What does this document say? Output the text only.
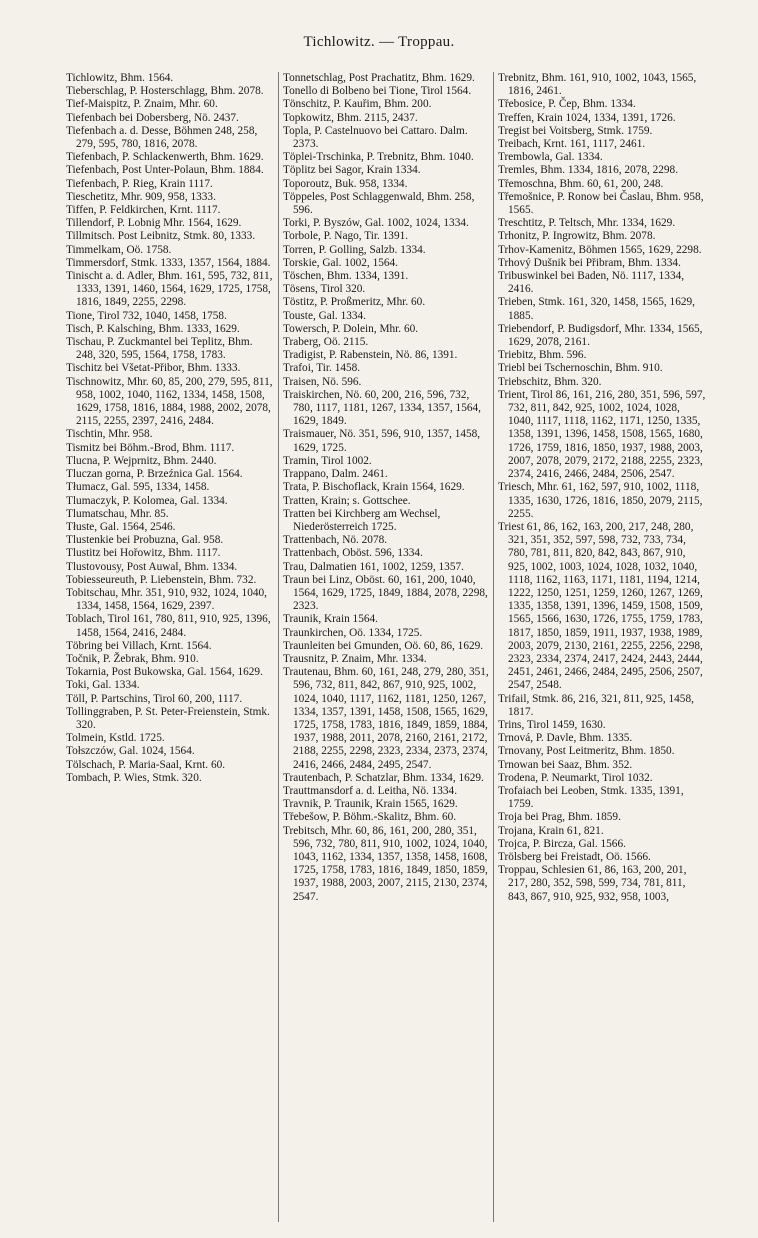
Tichlowitz. — Troppau.

Tichlowitz, Bhm. 1564.

Tieberschlag, P. Hosterschlagg, Bhm. 2078.

Tief-Maispitz, P. Znaim, Mhr. 60.

Tiefenbach bei Dobersberg, Nö. 2437.

Tiefenbach a. d. Desse, Böhmen 248, 258, 279, 595, 780, 1816, 2078.

Tiefenbach, P. Schlackenwerth, Bhm. 1629.

Tiefenbach, Post Unter-Polaun, Bhm. 1884.

Tiefenbach, P. Rieg, Krain 1117.

Tieschetitz, Mhr. 909, 958, 1333.

Tiffen, P. Feldkirchen, Krnt. 1117.

Tillendorf, P. Lobnig Mhr. 1564, 1629.

Tillmitsch. Post Leibnitz, Stmk. 80, 1333.

Timmelkam, Oö. 1758.

Timmersdorf, Stmk. 1333, 1357, 1564, 1884.

Tinischt a. d. Adler, Bhm. 161, 595, 732, 811, 1333, 1391, 1460, 1564, 1629, 1725, 1758, 1816, 1849, 2255, 2298.

Tione, Tirol 732, 1040, 1458, 1758.

Tisch, P. Kalsching, Bhm. 1333, 1629.

Tischau, P. Zuckmantel bei Teplitz, Bhm. 248, 320, 595, 1564, 1758, 1783.

Tischitz bei Všetat-Přibor, Bhm. 1333.

Tischnowitz, Mhr. 60, 85, 200, 279, 595, 811, 958, 1002, 1040, 1162, 1334, 1458, 1508, 1629, 1758, 1816, 1884, 1988, 2002, 2078, 2115, 2255, 2397, 2416, 2484.

Tischtin, Mhr. 958.

Tismitz bei Böhm.-Brod, Bhm. 1117.

Tlucna, P. Wejprnitz, Bhm. 2440.

Tluczan gorna, P. Brzeźnica Gal. 1564.

Tłumacz, Gal. 595, 1334, 1458.

Tlumaczyk, P. Kolomea, Gal. 1334.

Tlumatschau, Mhr. 85.

Tłuste, Gal. 1564, 2546.

Tlustenkie bei Probuzna, Gal. 958.

Tlustitz bei Hořowitz, Bhm. 1117.

Tlustovousy, Post Auwal, Bhm. 1334.

Tobiesseureuth, P. Liebenstein, Bhm. 732.

Tobitschau, Mhr. 351, 910, 932, 1024, 1040, 1334, 1458, 1564, 1629, 2397.

Toblach, Tirol 161, 780, 811, 910, 925, 1396, 1458, 1564, 2416, 2484.

Töbring bei Villach, Krnt. 1564.

Točnik, P. Žebrak, Bhm. 910.

Tokarnia, Post Bukowska, Gal. 1564, 1629.

Toki, Gal. 1334.

Töll, P. Partschins, Tirol 60, 200, 1117.

Tollinggraben, P. St. Peter-Freienstein, Stmk. 320.

Tolmein, Kstld. 1725.

Tołszczów, Gal. 1024, 1564.

Tölschach, P. Maria-Saal, Krnt. 60.

Tombach, P. Wies, Stmk. 320.

Tonnetschlag, Post Prachatitz, Bhm. 1629.

Tonello di Bolbeno bei Tione, Tirol 1564.

Tönschitz, P. Kauřim, Bhm. 200.

Topkowitz, Bhm. 2115, 2437.

Topla, P. Castelnuovo bei Cattaro. Dalm. 2373.

Töplei-Trschinka, P. Trebnitz, Bhm. 1040.

Töplitz bei Sagor, Krain 1334.

Toporoutz, Buk. 958, 1334.

Töppeles, Post Schlaggenwald, Bhm. 258, 596.

Torki, P. Byszów, Gal. 1002, 1024, 1334.

Torbole, P. Nago, Tir. 1391.

Torren, P. Golling, Salzb. 1334.

Torskie, Gal. 1002, 1564.

Töschen, Bhm. 1334, 1391.

Tösens, Tirol 320.

Töstitz, P. Proßmeritz, Mhr. 60.

Touste, Gal. 1334.

Towersch, P. Dolein, Mhr. 60.

Traberg, Oö. 2115.

Tradigist, P. Rabenstein, Nö. 86, 1391.

Trafoi, Tir. 1458.

Traisen, Nö. 596.

Traiskirchen, Nö. 60, 200, 216, 596, 732, 780, 1117, 1181, 1267, 1334, 1357, 1564, 1629, 1849.

Traismauer, Nö. 351, 596, 910, 1357, 1458, 1629, 1725.

Tramin, Tirol 1002.

Trappano, Dalm. 2461.

Trata, P. Bischoflack, Krain 1564, 1629.

Tratten, Krain; s. Gottschee.

Tratten bei Kirchberg am Wechsel, Niederösterreich 1725.

Trattenbach, Nö. 2078.

Trattenbach, Oböst. 596, 1334.

Trau, Dalmatien 161, 1002, 1259, 1357.

Traun bei Linz, Oböst. 60, 161, 200, 1040, 1564, 1629, 1725, 1849, 1884, 2078, 2298, 2323.

Traunik, Krain 1564.

Traunkirchen, Oö. 1334, 1725.

Traunleiten bei Gmunden, Oö. 60, 86, 1629.

Trausnitz, P. Znaim, Mhr. 1334.

Trautenau, Bhm. 60, 161, 248, 279, 280, 351, 596, 732, 811, 842, 867, 910, 925, 1002, 1024, 1040, 1117, 1162, 1181, 1250, 1267, 1334, 1357, 1391, 1458, 1508, 1565, 1629, 1725, 1758, 1783, 1816, 1849, 1859, 1884, 1937, 1988, 2011, 2078, 2160, 2161, 2172, 2188, 2255, 2298, 2323, 2334, 2373, 2374, 2416, 2466, 2484, 2495, 2547.

Trautenbach, P. Schatzlar, Bhm. 1334, 1629.

Trauttmansdorf a. d. Leitha, Nö. 1334.

Travnik, P. Traunik, Krain 1565, 1629.

Třebešow, P. Böhm.-Skalitz, Bhm. 60.

Trebitsch, Mhr. 60, 86, 161, 200, 280, 351, 596, 732, 780, 811, 910, 1002, 1024, 1040, 1043, 1162, 1334, 1357, 1358, 1458, 1608, 1725, 1758, 1783, 1816, 1849, 1850, 1859, 1937, 1988, 2003, 2007, 2115, 2130, 2374, 2547.

Trebnitz, Bhm. 161, 910, 1002, 1043, 1565, 1816, 2461.

Třebosice, P. Čep, Bhm. 1334.

Treffen, Krain 1024, 1334, 1391, 1726.

Tregist bei Voitsberg, Stmk. 1759.

Treibach, Krnt. 161, 1117, 2461.

Trembowla, Gal. 1334.

Tremles, Bhm. 1334, 1816, 2078, 2298.

Třemoschna, Bhm. 60, 61, 200, 248.

Třemošnice, P. Ronow bei Časlau, Bhm. 958, 1565.

Treschtitz, P. Teltsch, Mhr. 1334, 1629.

Trhonitz, P. Ingrowitz, Bhm. 2078.

Trhov-Kamenitz, Böhmen 1565, 1629, 2298.

Trhový Dušnik bei Přibram, Bhm. 1334.

Tribuswinkel bei Baden, Nö. 1117, 1334, 2416.

Trieben, Stmk. 161, 320, 1458, 1565, 1629, 1885.

Triebendorf, P. Budigsdorf, Mhr. 1334, 1565, 1629, 2078, 2161.

Triebitz, Bhm. 596.

Triebl bei Tschernoschin, Bhm. 910.

Triebschitz, Bhm. 320.

Trient, Tirol 86, 161, 216, 280, 351, 596, 597, 732, 811, 842, 925, 1002, 1024, 1028, 1040, 1117, 1118, 1162, 1171, 1250, 1335, 1358, 1391, 1396, 1458, 1508, 1565, 1680, 1726, 1759, 1816, 1850, 1937, 1988, 2003, 2007, 2078, 2079, 2172, 2188, 2255, 2323, 2374, 2416, 2466, 2484, 2506, 2547.

Triesch, Mhr. 61, 162, 597, 910, 1002, 1118, 1335, 1630, 1726, 1816, 1850, 2079, 2115, 2255.

Triest 61, 86, 162, 163, 200, 217, 248, 280, 321, 351, 352, 597, 598, 732, 733, 734, 780, 781, 811, 820, 842, 843, 867, 910, 925, 1002, 1003, 1024, 1028, 1032, 1040, 1118, 1162, 1163, 1171, 1181, 1194, 1214, 1222, 1250, 1251, 1259, 1260, 1267, 1269, 1335, 1358, 1391, 1396, 1459, 1508, 1509, 1565, 1566, 1630, 1726, 1755, 1759, 1783, 1817, 1850, 1859, 1911, 1937, 1938, 1989, 2003, 2079, 2130, 2161, 2255, 2256, 2298, 2323, 2334, 2374, 2417, 2424, 2443, 2444, 2451, 2461, 2466, 2484, 2495, 2506, 2507, 2547, 2548.

Trifail, Stmk. 86, 216, 321, 811, 925, 1458, 1817.

Trins, Tirol 1459, 1630.

Trnová, P. Davle, Bhm. 1335.

Trnovany, Post Leitmeritz, Bhm. 1850.

Trnowan bei Saaz, Bhm. 352.

Trodena, P. Neumarkt, Tirol 1032.

Trofaiach bei Leoben, Stmk. 1335, 1391, 1759.

Troja bei Prag, Bhm. 1859.

Trojana, Krain 61, 821.

Trojca, P. Bircza, Gal. 1566.

Trölsberg bei Freistadt, Oö. 1566.

Troppau, Schlesien 61, 86, 163, 200, 201, 217, 280, 352, 598, 599, 734, 781, 811, 843, 867, 910, 925, 932, 958, 1003,
